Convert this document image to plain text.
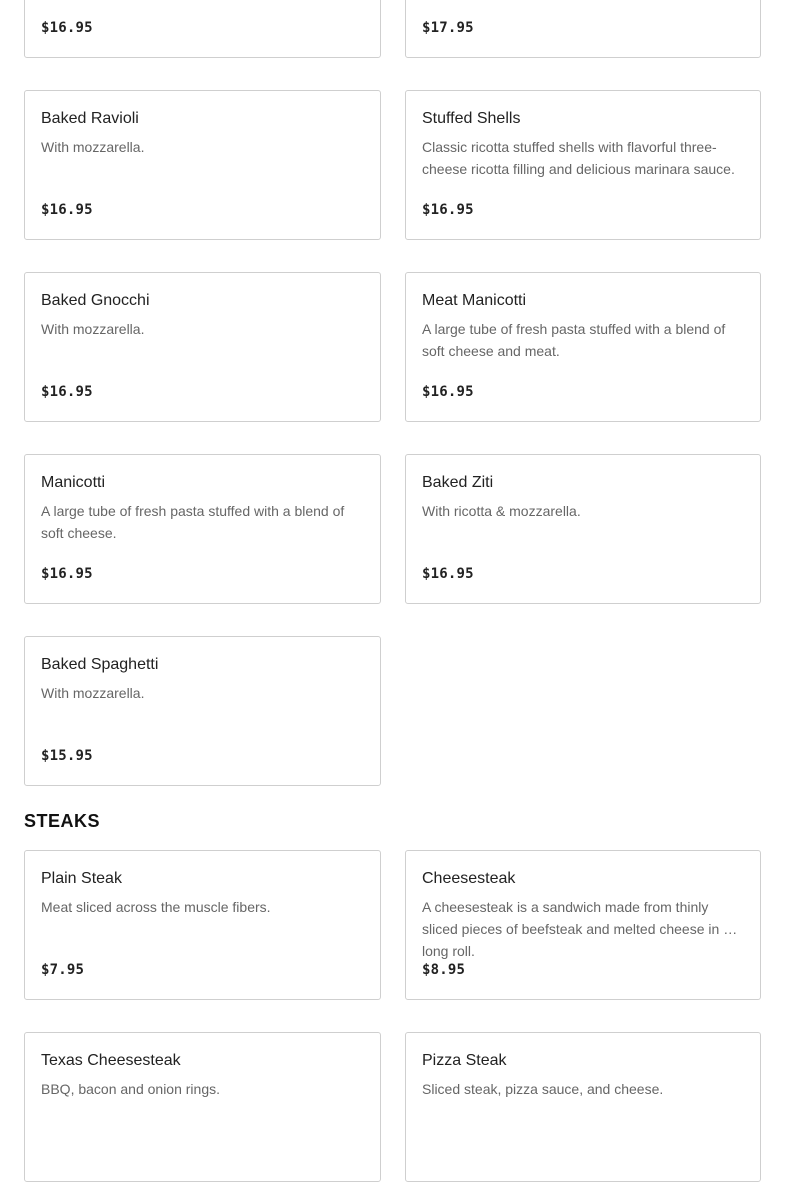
$16.95	$17.95
Baked Ravioli
With mozzarella.
$16.95
Stuffed Shells
Classic ricotta stuffed shells with flavorful three-cheese ricotta filling and delicious marinara sauce.
$16.95
Baked Gnocchi
With mozzarella.
$16.95
Meat Manicotti
A large tube of fresh pasta stuffed with a blend of soft cheese and meat.
$16.95
Manicotti
A large tube of fresh pasta stuffed with a blend of soft cheese.
$16.95
Baked Ziti
With ricotta & mozzarella.
$16.95
Baked Spaghetti
With mozzarella.
$15.95
STEAKS
Plain Steak
Meat sliced across the muscle fibers.
$7.95
Cheesesteak
A cheesesteak is a sandwich made from thinly sliced pieces of beefsteak and melted cheese in a long roll.
$8.95
Texas Cheesesteak
BBQ, bacon and onion rings.
Pizza Steak
Sliced steak, pizza sauce, and cheese.
